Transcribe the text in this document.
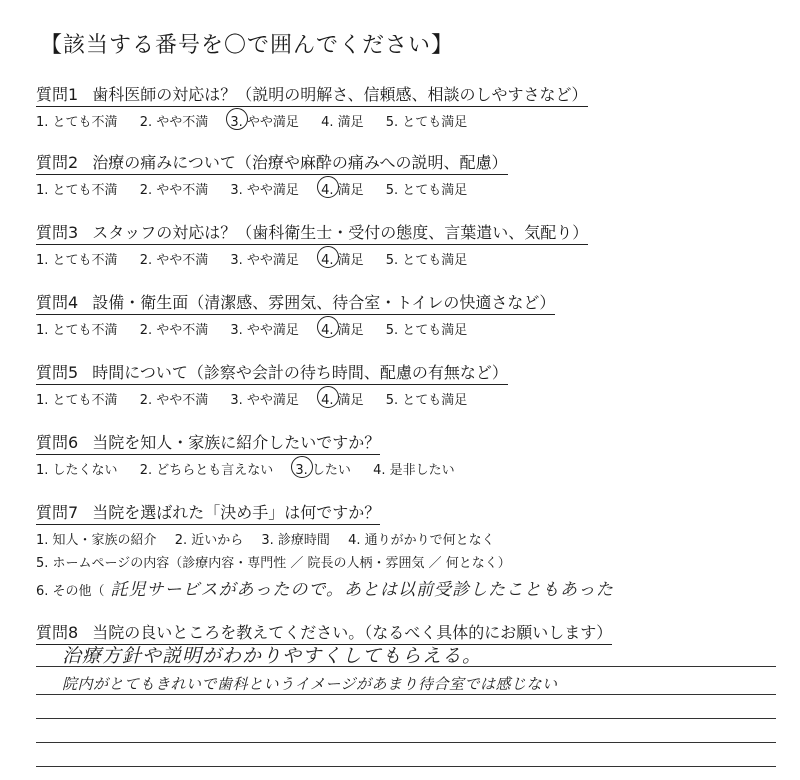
【該当する番号を〇で囲んでください】
質問1 歯科医師の対応は？（説明の明解さ、信頼感、相談のしやすさなど）
1. とても不満 2. やや不満 3. やや満足 4. 満足 5. とても満足
質問2 治療の痛みについて（治療や麻酔の痛みへの説明、配慮）
1. とても不満 2. やや不満 3. やや満足 4. 満足 5. とても満足
質問3 スタッフの対応は？（歯科衛生士・受付の態度、言葉遣い、気配り）
1. とても不満 2. やや不満 3. やや満足 4. 満足 5. とても満足
質問4 設備・衛生面（清潔感、雰囲気、待合室・トイレの快適さなど）
1. とても不満 2. やや不満 3. やや満足 4. 満足 5. とても満足
質問5 時間について（診察や会計の待ち時間、配慮の有無など）
1. とても不満 2. やや不満 3. やや満足 4. 満足 5. とても満足
質問6 当院を知人・家族に紹介したいですか？
1. したくない 2. どちらとも言えない 3. したい 4. 是非したい
質問7 当院を選ばれた「決め手」は何ですか？
1. 知人・家族の紹介 2. 近いから 3. 診療時間 4. 通りがかりで何となく
5. ホームページの内容（診療内容・専門性 ／ 院長の人柄・雰囲気 ／ 何となく）
6. その他（ 託児サービスがあったので。あとは以前受診したこともあった
質問8 当院の良いところを教えてください。（なるべく具体的にお願いします）
治療方針や説明がわかりやすくしてもらえる。
院内がとてもきれいで歯科というイメージがあまり待合室では感じない
